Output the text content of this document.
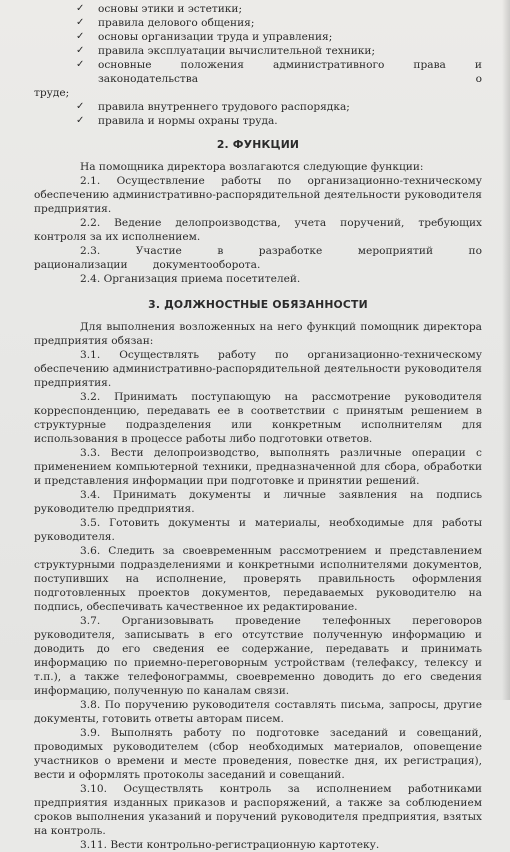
✓ основы этики и эстетики;
✓ правила делового общения;
✓ основы организации труда и управления;
✓ правила эксплуатации вычислительной техники;
✓ основные положения административного права и законодательства о
труде;
✓ правила внутреннего трудового распорядка;
✓ правила и нормы охраны труда.
2. ФУНКЦИИ

На помощника директора возлагаются следующие функции:

2.1. Осуществление работы по организационно-техническому обеспечению административно-распорядительной деятельности руководителя предприятия.

2.2. Ведение делопроизводства, учета поручений, требующих контроля за их исполнением.

2.3. Участие в разработке мероприятий по рационализации документооборота.

2.4. Организация приема посетителей.

3. ДОЛЖНОСТНЫЕ ОБЯЗАННОСТИ

Для выполнения возложенных на него функций помощник директора предприятия обязан:

3.1. Осуществлять работу по организационно-техническому обеспечению административно-распорядительной деятельности руководителя предприятия.

3.2. Принимать поступающую на рассмотрение руководителя корреспонденцию, передавать ее в соответствии с принятым решением в структурные подразделения или конкретным исполнителям для использования в процессе работы либо подготовки ответов.

3.3. Вести делопроизводство, выполнять различные операции с применением компьютерной техники, предназначенной для сбора, обработки и представления информации при подготовке и принятии решений.

3.4. Принимать документы и личные заявления на подпись руководителю предприятия.

3.5. Готовить документы и материалы, необходимые для работы руководителя.

3.6. Следить за своевременным рассмотрением и представлением структурными подразделениями и конкретными исполнителями документов, поступивших на исполнение, проверять правильность оформления подготовленных проектов документов, передаваемых руководителю на подпись, обеспечивать качественное их редактирование.

3.7. Организовывать проведение телефонных переговоров руководителя, записывать в его отсутствие полученную информацию и доводить до его сведения ее содержание, передавать и принимать информацию по приемно-переговорным устройствам (телефаксу, телексу и т.п.), а также телефонограммы, своевременно доводить до его сведения информацию, полученную по каналам связи.

3.8. По поручению руководителя составлять письма, запросы, другие документы, готовить ответы авторам писем.

3.9. Выполнять работу по подготовке заседаний и совещаний, проводимых руководителем (сбор необходимых материалов, оповещение участников о времени и месте проведения, повестке дня, их регистрация), вести и оформлять протоколы заседаний и совещаний.

3.10. Осуществлять контроль за исполнением работниками предприятия изданных приказов и распоряжений, а также за соблюдением сроков выполнения указаний и поручений руководителя предприятия, взятых на контроль.

3.11. Вести контрольно-регистрационную картотеку.
